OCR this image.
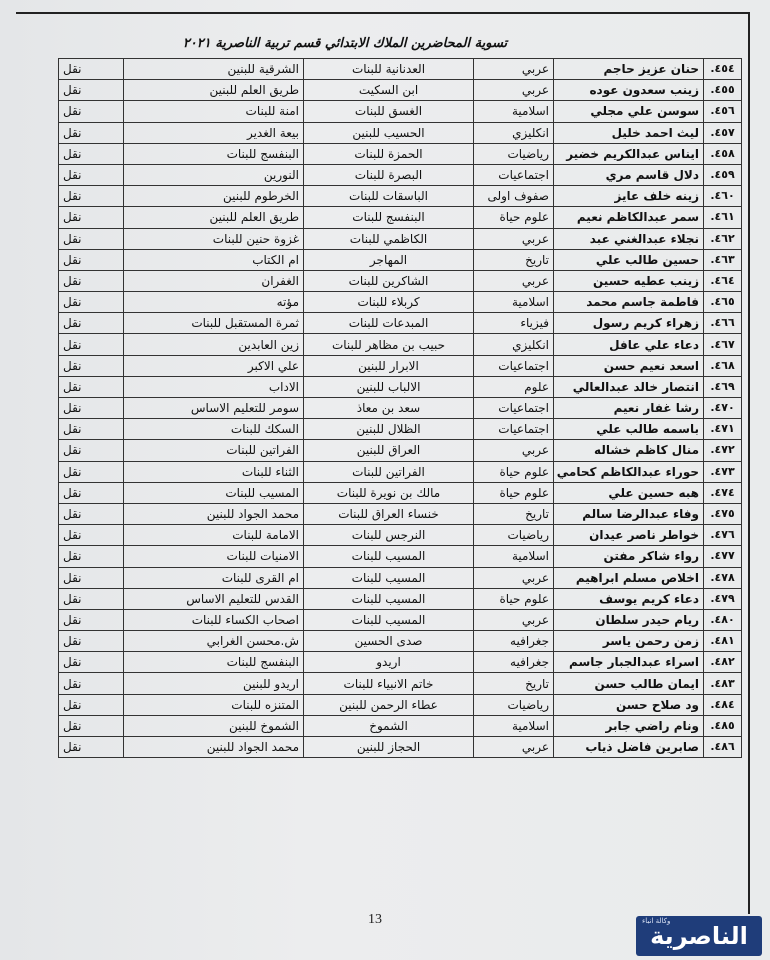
تسوية المحاضرين الملاك الابتدائي قسم تربية الناصرية ٢٠٢١
٤٥٤.	حنان عزيز حاجم	عربي	العدنانية للبنات	الشرقية للبنين	نقل
٤٥٥.	زينب سعدون عوده	عربي	ابن السكيت	طريق العلم للبنين	نقل
٤٥٦.	سوسن علي مجلي	اسلامية	الغسق للبنات	امنة للبنات	نقل
٤٥٧.	ليث احمد خليل	انكليزي	الحسيب للبنين	بيعة الغدير	نقل
٤٥٨.	ايناس عبدالكريم خضير	رياضيات	الحمزة للبنات	البنفسج للبنات	نقل
٤٥٩.	دلال قاسم مري	اجتماعيات	البصرة للبنات	النورين	نقل
٤٦٠.	زينه خلف عايز	صفوف اولى	الباسقات للبنات	الخرطوم للبنين	نقل
٤٦١.	سمر عبدالكاظم نعيم	علوم حياة	البنفسج للبنات	طريق العلم للبنين	نقل
٤٦٢.	نجلاء عبدالغني عبد	عربي	الكاظمي للبنات	غزوة حنين للبنات	نقل
٤٦٣.	حسين طالب علي	تاريخ	المهاجر	ام الكتاب	نقل
٤٦٤.	زينب عطيه حسين	عربي	الشاكرين للبنات	الغفران	نقل
٤٦٥.	فاطمة جاسم محمد	اسلامية	كربلاء للبنات	مؤته	نقل
٤٦٦.	زهراء كريم رسول	فيزياء	المبدعات للبنات	ثمرة المستقبل للبنات	نقل
٤٦٧.	دعاء علي عافل	انكليزي	حبيب بن مظاهر للبنات	زين العابدين	نقل
٤٦٨.	اسعد نعيم حسن	اجتماعيات	الابرار للبنين	علي الاكبر	نقل
٤٦٩.	انتصار خالد عبدالعالي	علوم	الالباب للبنين	الاداب	نقل
٤٧٠.	رشا غفار نعيم	اجتماعيات	سعد بن معاذ	سومر للتعليم الاساس	نقل
٤٧١.	باسمه طالب علي	اجتماعيات	الظلال للبنين	السكك للبنات	نقل
٤٧٢.	منال كاظم خشاله	عربي	العراق للبنين	الفراتين للبنات	نقل
٤٧٣.	حوراء عبدالكاظم كحامي	علوم حياة	الفراتين للبنات	الثناء للبنات	نقل
٤٧٤.	هبه حسين علي	علوم حياة	مالك بن نويرة للبنات	المسيب للبنات	نقل
٤٧٥.	وفاء عبدالرضا سالم	تاريخ	خنساء العراق للبنات	محمد الجواد للبنين	نقل
٤٧٦.	خواطر ناصر عيدان	رياضيات	النرجس للبنات	الامامة للبنات	نقل
٤٧٧.	رواء شاكر مفتن	اسلامية	المسيب للبنات	الامنيات للبنات	نقل
٤٧٨.	اخلاص مسلم ابراهيم	عربي	المسيب للبنات	ام القرى للبنات	نقل
٤٧٩.	دعاء كريم يوسف	علوم حياة	المسيب للبنات	القدس للتعليم الاساس	نقل
٤٨٠.	ريام حيدر سلطان	عربي	المسيب للبنات	اصحاب الكساء للبنات	نقل
٤٨١.	زمن رحمن ياسر	جغرافيه	صدى الحسين	ش.محسن الغرابي	نقل
٤٨٢.	اسراء عبدالجبار جاسم	جغرافيه	اريدو	البنفسج للبنات	نقل
٤٨٣.	ايمان طالب حسن	تاريخ	خاتم الانبياء للبنات	اريدو للبنين	نقل
٤٨٤.	ود صلاح حسن	رياضيات	عطاء الرحمن للبنين	المتنزه للبنات	نقل
٤٨٥.	ونام راضي جابر	اسلامية	الشموخ	الشموخ للبنين	نقل
٤٨٦.	صابرين فاضل ذياب	عربي	الحجاز للبنين	محمد الجواد للبنين	نقل
13	وكالة انباء
الناصرية
